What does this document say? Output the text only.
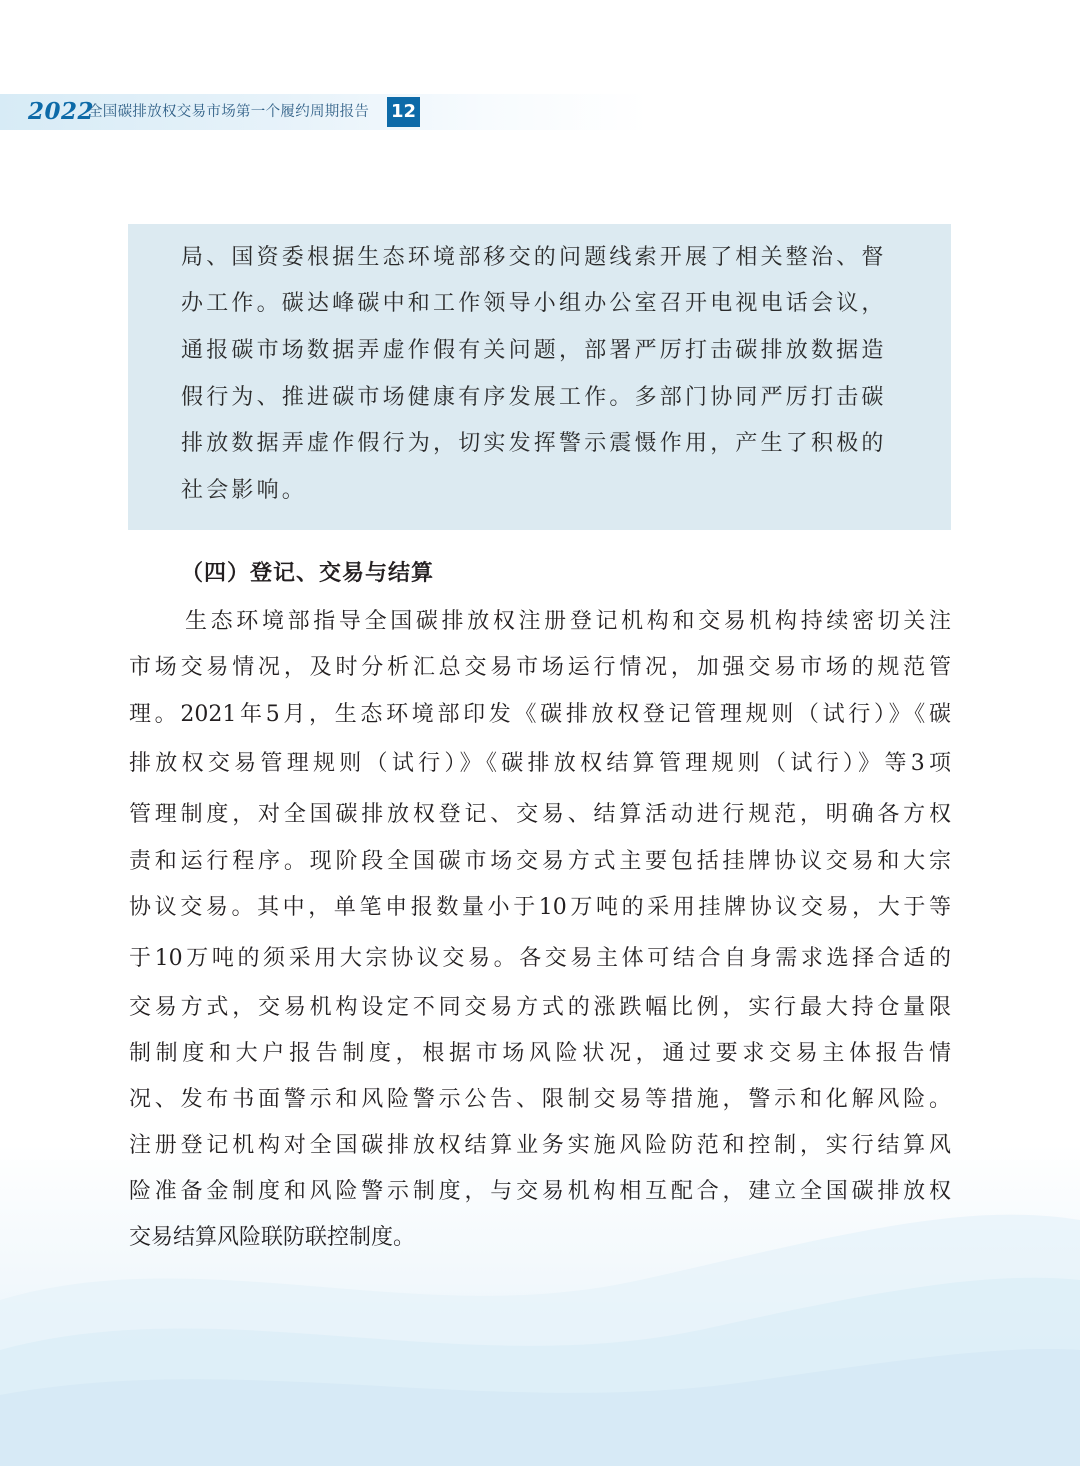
2022
全国碳排放权交易市场第一个履约周期报告 12
局、国资委根据生态环境部移交的问题线索开展了相关整治、督
办工作。碳达峰碳中和工作领导小组办公室召开电视电话会议，
通报碳市场数据弄虚作假有关问题，部署严厉打击碳排放数据造
假行为、推进碳市场健康有序发展工作。多部门协同严厉打击碳
排放数据弄虚作假行为，切实发挥警示震慑作用，产生了积极的
社会影响。
（四）登记、交易与结算
生态环境部指导全国碳排放权注册登记机构和交易机构持续密切关注
市场交易情况，及时分析汇总交易市场运行情况，加强交易市场的规范管
理。2021年5月，生态环境部印发《碳排放权登记管理规则（试行）》《碳
排放权交易管理规则（试行）》《碳排放权结算管理规则（试行）》等3项
管理制度，对全国碳排放权登记、交易、结算活动进行规范，明确各方权
责和运行程序。现阶段全国碳市场交易方式主要包括挂牌协议交易和大宗
协议交易。其中，单笔申报数量小于10万吨的采用挂牌协议交易，大于等
于10万吨的须采用大宗协议交易。各交易主体可结合自身需求选择合适的
交易方式，交易机构设定不同交易方式的涨跌幅比例，实行最大持仓量限
制制度和大户报告制度，根据市场风险状况，通过要求交易主体报告情
况、发布书面警示和风险警示公告、限制交易等措施，警示和化解风险。
注册登记机构对全国碳排放权结算业务实施风险防范和控制，实行结算风
险准备金制度和风险警示制度，与交易机构相互配合，建立全国碳排放权
交易结算风险联防联控制度。
